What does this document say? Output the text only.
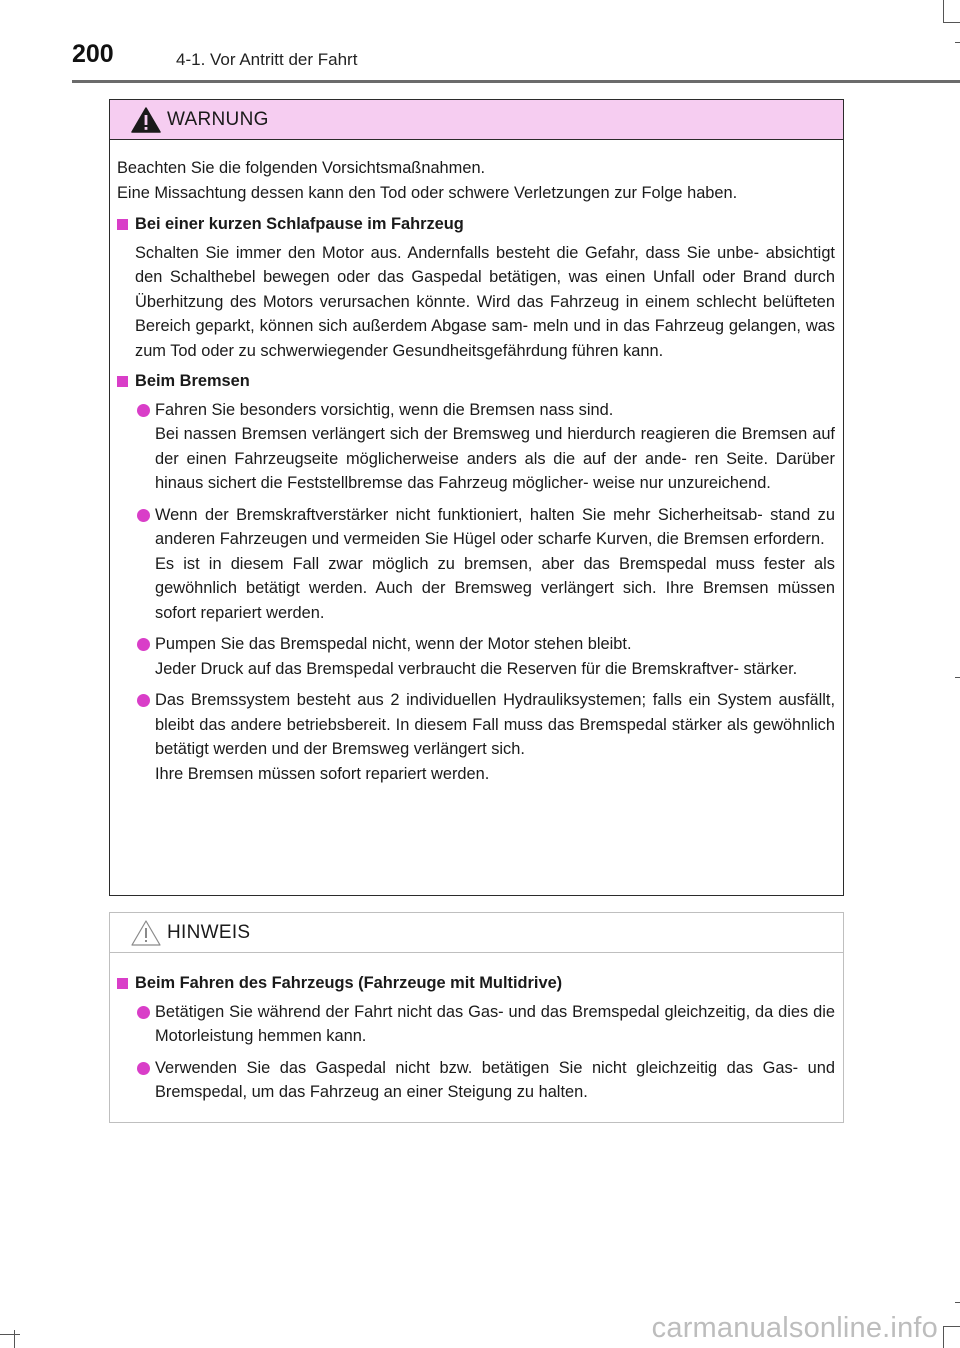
200	4-1. Vor Antritt der Fahrt
WARNUNG

Beachten Sie die folgenden Vorsichtsmaßnahmen.

Eine Missachtung dessen kann den Tod oder schwere Verletzungen zur Folge haben.

Bei einer kurzen Schlafpause im Fahrzeug

Schalten Sie immer den Motor aus. Andernfalls besteht die Gefahr, dass Sie unbe- absichtigt den Schalthebel bewegen oder das Gaspedal betätigen, was einen Unfall oder Brand durch Überhitzung des Motors verursachen könnte. Wird das Fahrzeug in einem schlecht belüfteten Bereich geparkt, können sich außerdem Abgase sam- meln und in das Fahrzeug gelangen, was zum Tod oder zu schwerwiegender Gesundheitsgefährdung führen kann.

Beim Bremsen

Fahren Sie besonders vorsichtig, wenn die Bremsen nass sind.

Bei nassen Bremsen verlängert sich der Bremsweg und hierdurch reagieren die Bremsen auf der einen Fahrzeugseite möglicherweise anders als die auf der ande- ren Seite. Darüber hinaus sichert die Feststellbremse das Fahrzeug möglicher- weise nur unzureichend.

Wenn der Bremskraftverstärker nicht funktioniert, halten Sie mehr Sicherheitsab- stand zu anderen Fahrzeugen und vermeiden Sie Hügel oder scharfe Kurven, die Bremsen erfordern.

Es ist in diesem Fall zwar möglich zu bremsen, aber das Bremspedal muss fester als gewöhnlich betätigt werden. Auch der Bremsweg verlängert sich. Ihre Bremsen müssen sofort repariert werden.

Pumpen Sie das Bremspedal nicht, wenn der Motor stehen bleibt.

Jeder Druck auf das Bremspedal verbraucht die Reserven für die Bremskraftver- stärker.

Das Bremssystem besteht aus 2 individuellen Hydrauliksystemen; falls ein System ausfällt, bleibt das andere betriebsbereit. In diesem Fall muss das Bremspedal stärker als gewöhnlich betätigt werden und der Bremsweg verlängert sich.

Ihre Bremsen müssen sofort repariert werden.

HINWEIS
Beim Fahren des Fahrzeugs (Fahrzeuge mit Multidrive)

Betätigen Sie während der Fahrt nicht das Gas- und das Bremspedal gleichzeitig, da dies die Motorleistung hemmen kann.

Verwenden Sie das Gaspedal nicht bzw. betätigen Sie nicht gleichzeitig das Gas- und Bremspedal, um das Fahrzeug an einer Steigung zu halten.

carmanualsonline.info
